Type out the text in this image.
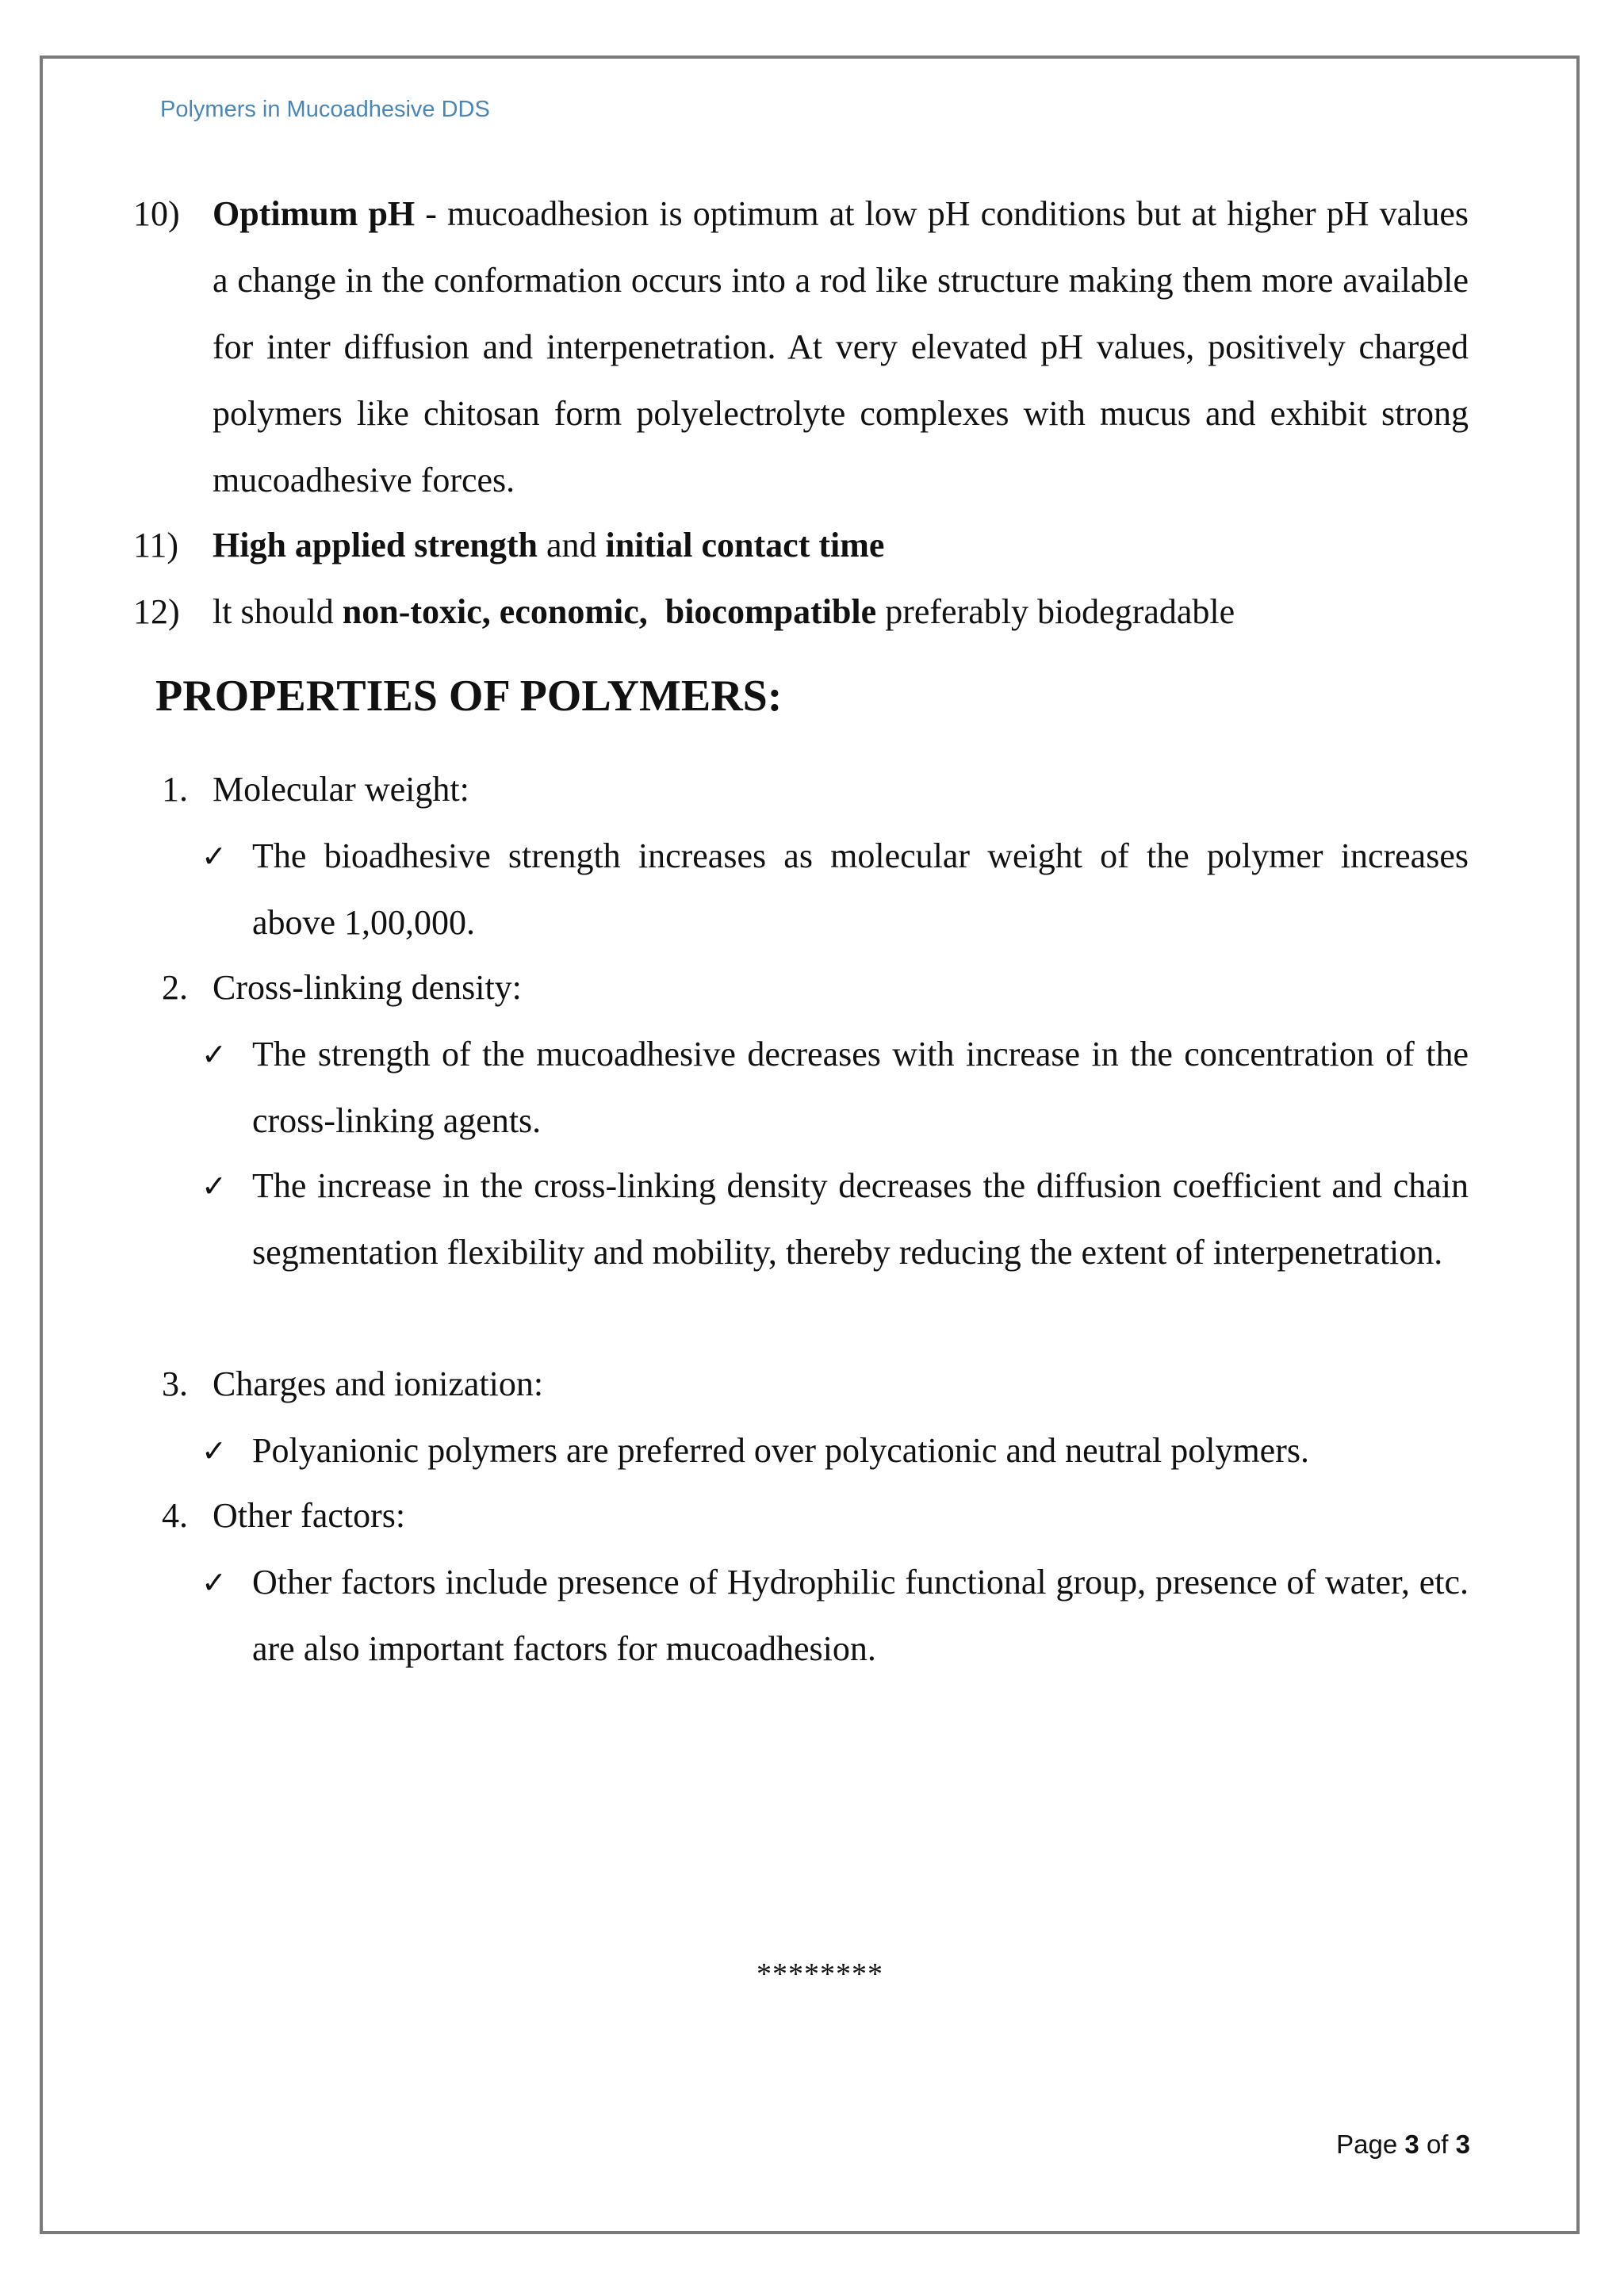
Polymers in Mucoadhesive DDS
10) Optimum pH - mucoadhesion is optimum at low pH conditions but at higher pH values a change in the conformation occurs into a rod like structure making them more available for inter diffusion and interpenetration. At very elevated pH values, positively charged polymers like chitosan form polyelectrolyte complexes with mucus and exhibit strong mucoadhesive forces.
11) High applied strength and initial contact time
12) lt should non-toxic, economic,  biocompatible preferably biodegradable
PROPERTIES OF POLYMERS:
1. Molecular weight:
✓ The bioadhesive strength increases as molecular weight of the polymer increases above 1,00,000.
2. Cross-linking density:
✓ The strength of the mucoadhesive decreases with increase in the concentration of the cross-linking agents.
✓ The increase in the cross-linking density decreases the diffusion coefficient and chain segmentation flexibility and mobility, thereby reducing the extent of interpenetration.
3. Charges and ionization:
✓ Polyanionic polymers are preferred over polycationic and neutral polymers.
4. Other factors:
✓ Other factors include presence of Hydrophilic functional group, presence of water, etc. are also important factors for mucoadhesion.
********
Page 3 of 3
